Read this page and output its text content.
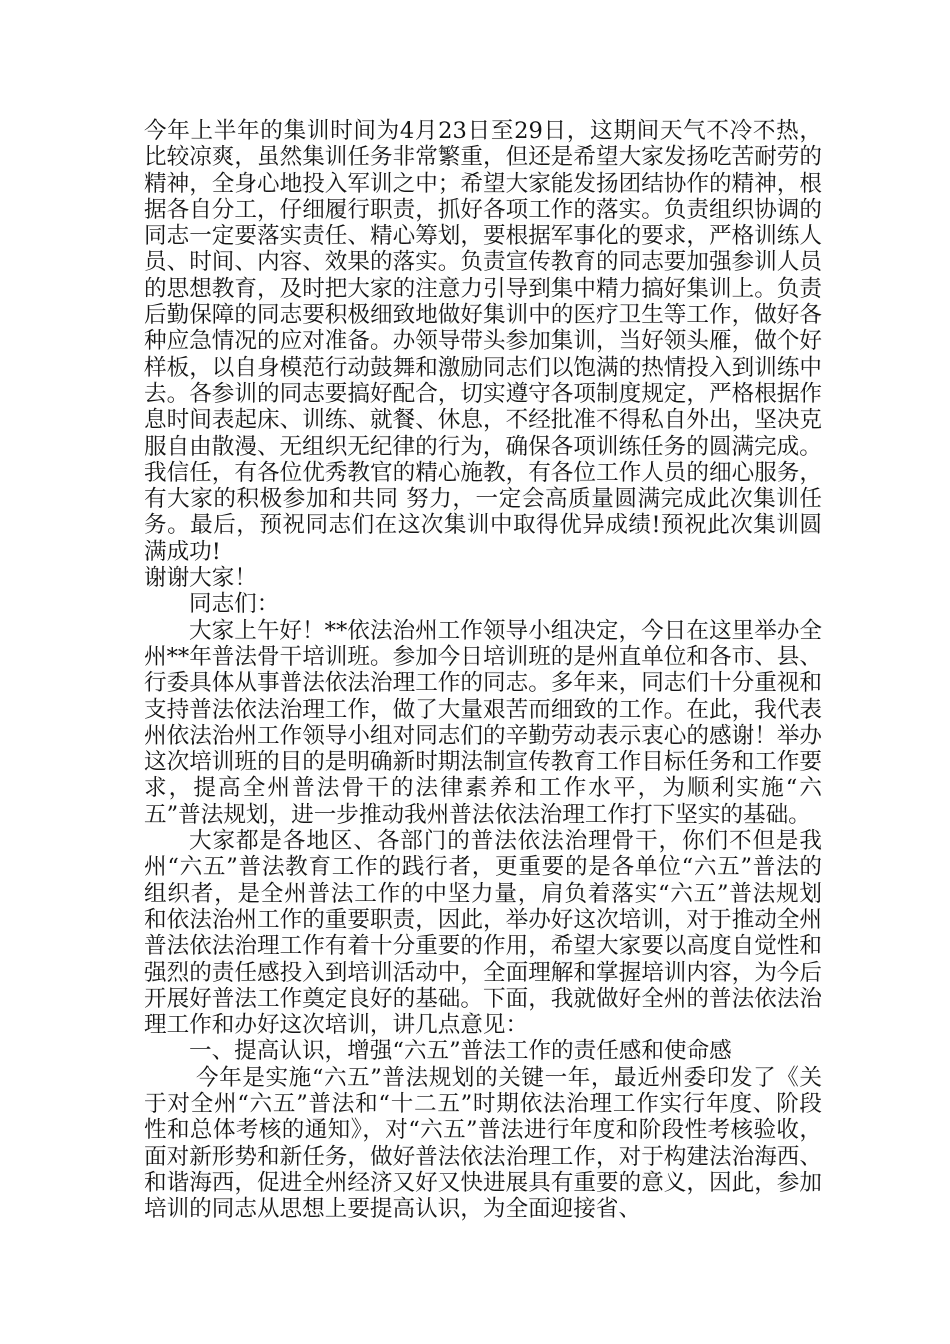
今年上半年的集训时间为4月23日至29日，这期间天气不冷不热，比较凉爽，虽然集训任务非常繁重，但还是希望大家发扬吃苦耐劳的精神，全身心地投入军训之中；希望大家能发扬团结协作的精神，根据各自分工，仔细履行职责，抓好各项工作的落实。负责组织协调的同志一定要落实责任、精心筹划，要根据军事化的要求，严格训练人员、时间、内容、效果的落实。负责宣传教育的同志要加强参训人员的思想教育，及时把大家的注意力引导到集中精力搞好集训上。负责后勤保障的同志要积极细致地做好集训中的医疗卫生等工作，做好各种应急情况的应对准备。办领导带头参加集训，当好领头雁，做个好样板，以自身模范行动鼓舞和激励同志们以饱满的热情投入到训练中去。各参训的同志要搞好配合，切实遵守各项制度规定，严格根据作息时间表起床、训练、就餐、休息，不经批准不得私自外出，坚决克服自由散漫、无组织无纪律的行为，确保各项训练任务的圆满完成。

我信任，有各位优秀教官的精心施教，有各位工作人员的细心服务，有大家的积极参加和共同 努力，一定会高质量圆满完成此次集训任务。最后，预祝同志们在这次集训中取得优异成绩!预祝此次集训圆满成功!

谢谢大家！

同志们：

大家上午好！**依法治州工作领导小组决定，今日在这里举办全州**年普法骨干培训班。参加今日培训班的是州直单位和各市、县、行委具体从事普法依法治理工作的同志。多年来，同志们十分重视和支持普法依法治理工作，做了大量艰苦而细致的工作。在此，我代表州依法治州工作领导小组对同志们的辛勤劳动表示衷心的感谢！举办这次培训班的目的是明确新时期法制宣传教育工作目标任务和工作要求，提高全州普法骨干的法律素养和工作水平，为顺利实施“六五”普法规划，进一步推动我州普法依法治理工作打下坚实的基础。

大家都是各地区、各部门的普法依法治理骨干，你们不但是我州“六五”普法教育工作的践行者，更重要的是各单位“六五”普法的组织者，是全州普法工作的中坚力量，肩负着落实“六五”普法规划和依法治州工作的重要职责，因此，举办好这次培训，对于推动全州普法依法治理工作有着十分重要的作用，希望大家要以高度自觉性和强烈的责任感投入到培训活动中，全面理解和掌握培训内容，为今后开展好普法工作奠定良好的基础。下面，我就做好全州的普法依法治理工作和办好这次培训，讲几点意见：

一、提高认识，增强“六五”普法工作的责任感和使命感

今年是实施“六五”普法规划的关键一年，最近州委印发了《关于对全州“六五”普法和“十二五”时期依法治理工作实行年度、阶段性和总体考核的通知》，对“六五”普法进行年度和阶段性考核验收，面对新形势和新任务，做好普法依法治理工作，对于构建法治海西、和谐海西，促进全州经济又好又快进展具有重要的意义，因此，参加培训的同志从思想上要提高认识，为全面迎接省、
